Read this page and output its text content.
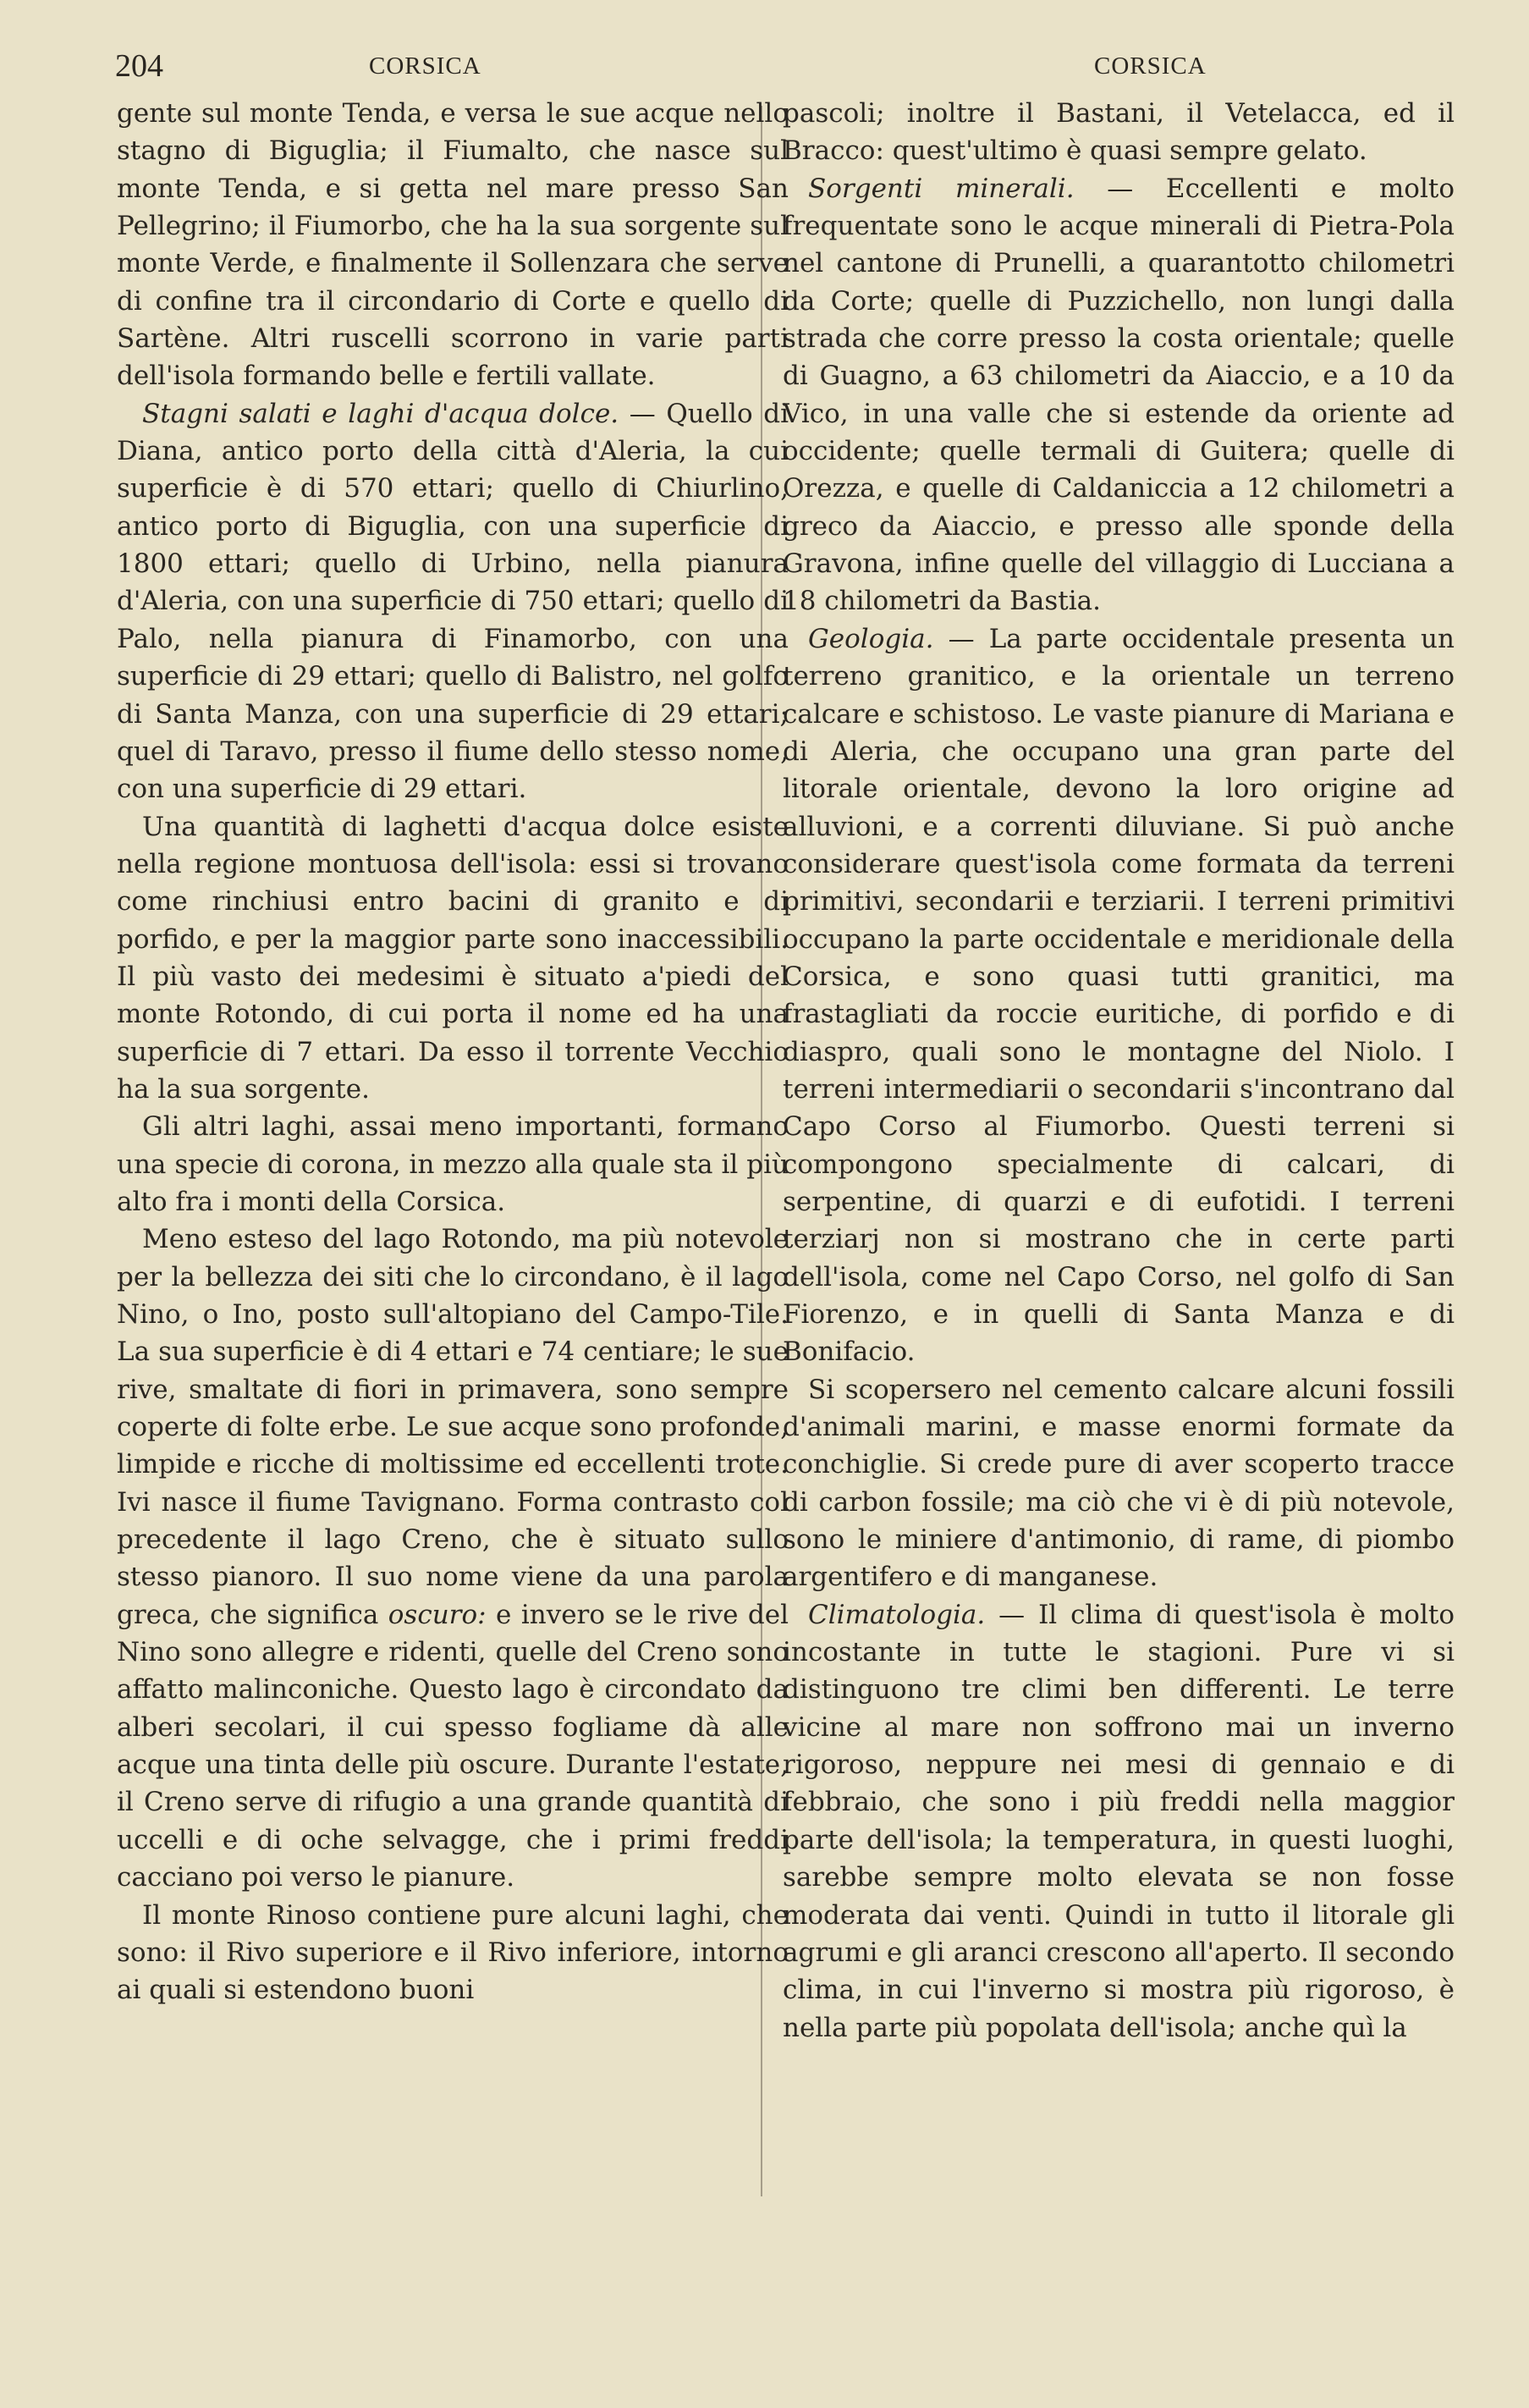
204	CORSICA	CORSICA

gente sul monte Tenda, e versa le sue acque nello stagno di Biguglia; il Fiumalto, che nasce sul monte Tenda, e si getta nel mare presso San Pellegrino; il Fiumorbo, che ha la sua sorgente sul monte Verde, e finalmente il Sollenzara che serve di confine tra il circondario di Corte e quello di Sartène. Altri ruscelli scorrono in varie parti dell'isola formando belle e fertili vallate.

Stagni salati e laghi d'acqua dolce. — Quello di Diana, antico porto della città d'Aleria, la cui superficie è di 570 ettari; quello di Chiurlino, antico porto di Biguglia, con una superficie di 1800 ettari; quello di Urbino, nella pianura d'Aleria, con una superficie di 750 ettari; quello di Palo, nella pianura di Finamorbo, con una superficie di 29 ettari; quello di Balistro, nel golfo di Santa Manza, con una superficie di 29 ettari; quel di Taravo, presso il fiume dello stesso nome, con una superficie di 29 ettari.

Una quantità di laghetti d'acqua dolce esiste nella regione montuosa dell'isola: essi si trovano come rinchiusi entro bacini di granito e di porfido, e per la maggior parte sono inaccessibili. Il più vasto dei medesimi è situato a'piedi del monte Rotondo, di cui porta il nome ed ha una superficie di 7 ettari. Da esso il torrente Vecchio ha la sua sorgente.

Gli altri laghi, assai meno importanti, formano una specie di corona, in mezzo alla quale sta il più alto fra i monti della Corsica.

Meno esteso del lago Rotondo, ma più notevole per la bellezza dei siti che lo circondano, è il lago Nino, o Ino, posto sull'altopiano del Campo-Tile. La sua superficie è di 4 ettari e 74 centiare; le sue rive, smaltate di fiori in primavera, sono sempre coperte di folte erbe. Le sue acque sono profonde, limpide e ricche di moltissime ed eccellenti trote. Ivi nasce il fiume Tavignano. Forma contrasto col precedente il lago Creno, che è situato sullo stesso pianoro. Il suo nome viene da una parola greca, che significa oscuro: e invero se le rive del Nino sono allegre e ridenti, quelle del Creno sono affatto malinconiche. Questo lago è circondato da alberi secolari, il cui spesso fogliame dà alle acque una tinta delle più oscure. Durante l'estate, il Creno serve di rifugio a una grande quantità di uccelli e di oche selvagge, che i primi freddi cacciano poi verso le pianure.

Il monte Rinoso contiene pure alcuni laghi, che sono: il Rivo superiore e il Rivo inferiore, intorno ai quali si estendono buoni

pascoli; inoltre il Bastani, il Vetelacca, ed il Bracco: quest'ultimo è quasi sempre gelato.

Sorgenti minerali. — Eccellenti e molto frequentate sono le acque minerali di Pietra-Pola nel cantone di Prunelli, a quarantotto chilometri da Corte; quelle di Puzzichello, non lungi dalla strada che corre presso la costa orientale; quelle di Guagno, a 63 chilometri da Aiaccio, e a 10 da Vico, in una valle che si estende da oriente ad occidente; quelle termali di Guitera; quelle di Orezza, e quelle di Caldaniccia a 12 chilometri a greco da Aiaccio, e presso alle sponde della Gravona, infine quelle del villaggio di Lucciana a 18 chilometri da Bastia.

Geologia. — La parte occidentale presenta un terreno granitico, e la orientale un terreno calcare e schistoso. Le vaste pianure di Mariana e di Aleria, che occupano una gran parte del litorale orientale, devono la loro origine ad alluvioni, e a correnti diluviane. Si può anche considerare quest'isola come formata da terreni primitivi, secondarii e terziarii. I terreni primitivi occupano la parte occidentale e meridionale della Corsica, e sono quasi tutti granitici, ma frastagliati da roccie euritiche, di porfido e di diaspro, quali sono le montagne del Niolo. I terreni intermediarii o secondarii s'incontrano dal Capo Corso al Fiumorbo. Questi terreni si compongono specialmente di calcari, di serpentine, di quarzi e di eufotidi. I terreni terziarj non si mostrano che in certe parti dell'isola, come nel Capo Corso, nel golfo di San Fiorenzo, e in quelli di Santa Manza e di Bonifacio.

Si scopersero nel cemento calcare alcuni fossili d'animali marini, e masse enormi formate da conchiglie. Si crede pure di aver scoperto tracce di carbon fossile; ma ciò che vi è di più notevole, sono le miniere d'antimonio, di rame, di piombo argentifero e di manganese.

Climatologia. — Il clima di quest'isola è molto incostante in tutte le stagioni. Pure vi si distinguono tre climi ben differenti. Le terre vicine al mare non soffrono mai un inverno rigoroso, neppure nei mesi di gennaio e di febbraio, che sono i più freddi nella maggior parte dell'isola; la temperatura, in questi luoghi, sarebbe sempre molto elevata se non fosse moderata dai venti. Quindi in tutto il litorale gli agrumi e gli aranci crescono all'aperto. Il secondo clima, in cui l'inverno si mostra più rigoroso, è nella parte più popolata dell'isola; anche quì la
